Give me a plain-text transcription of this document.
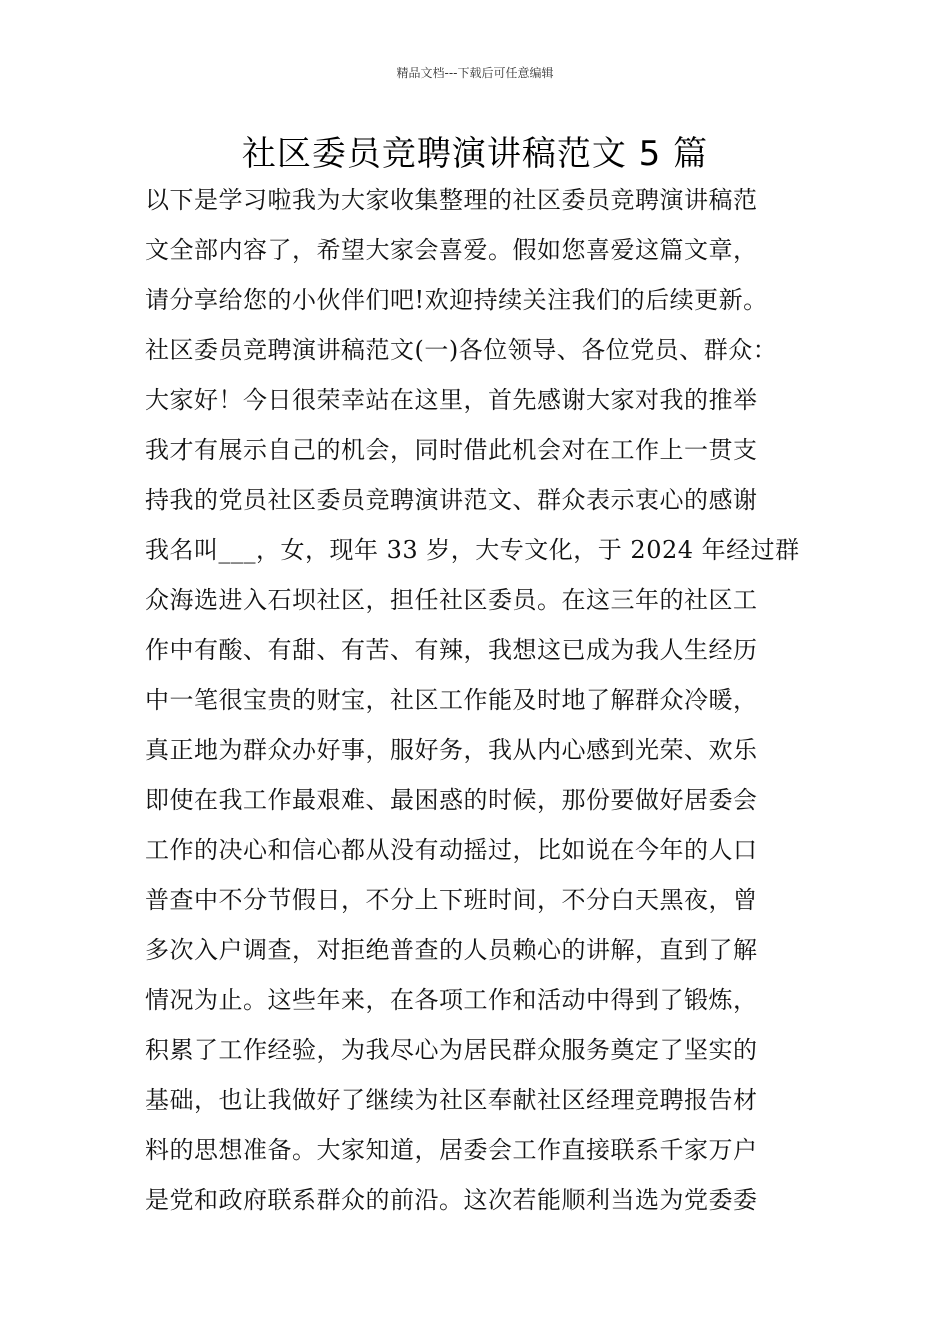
精品文档---下载后可任意编辑
社区委员竞聘演讲稿范文 5 篇
以下是学习啦我为大家收集整理的社区委员竞聘演讲稿范
文全部内容了，希望大家会喜爱。假如您喜爱这篇文章，
请分享给您的小伙伴们吧!欢迎持续关注我们的后续更新。
社区委员竞聘演讲稿范文(一)各位领导、各位党员、群众：
大家好！今日很荣幸站在这里，首先感谢大家对我的推举
我才有展示自己的机会，同时借此机会对在工作上一贯支
持我的党员社区委员竞聘演讲范文、群众表示衷心的感谢
我名叫___，女，现年 33 岁，大专文化，于 2024 年经过群
众海选进入石坝社区，担任社区委员。在这三年的社区工
作中有酸、有甜、有苦、有辣，我想这已成为我人生经历
中一笔很宝贵的财宝，社区工作能及时地了解群众冷暖，
真正地为群众办好事，服好务，我从内心感到光荣、欢乐
即使在我工作最艰难、最困惑的时候，那份要做好居委会
工作的决心和信心都从没有动摇过，比如说在今年的人口
普查中不分节假日，不分上下班时间，不分白天黑夜，曾
多次入户调查，对拒绝普查的人员赖心的讲解，直到了解
情况为止。这些年来，在各项工作和活动中得到了锻炼，
积累了工作经验，为我尽心为居民群众服务奠定了坚实的
基础，也让我做好了继续为社区奉献社区经理竞聘报告材
料的思想准备。大家知道，居委会工作直接联系千家万户
是党和政府联系群众的前沿。这次若能顺利当选为党委委
